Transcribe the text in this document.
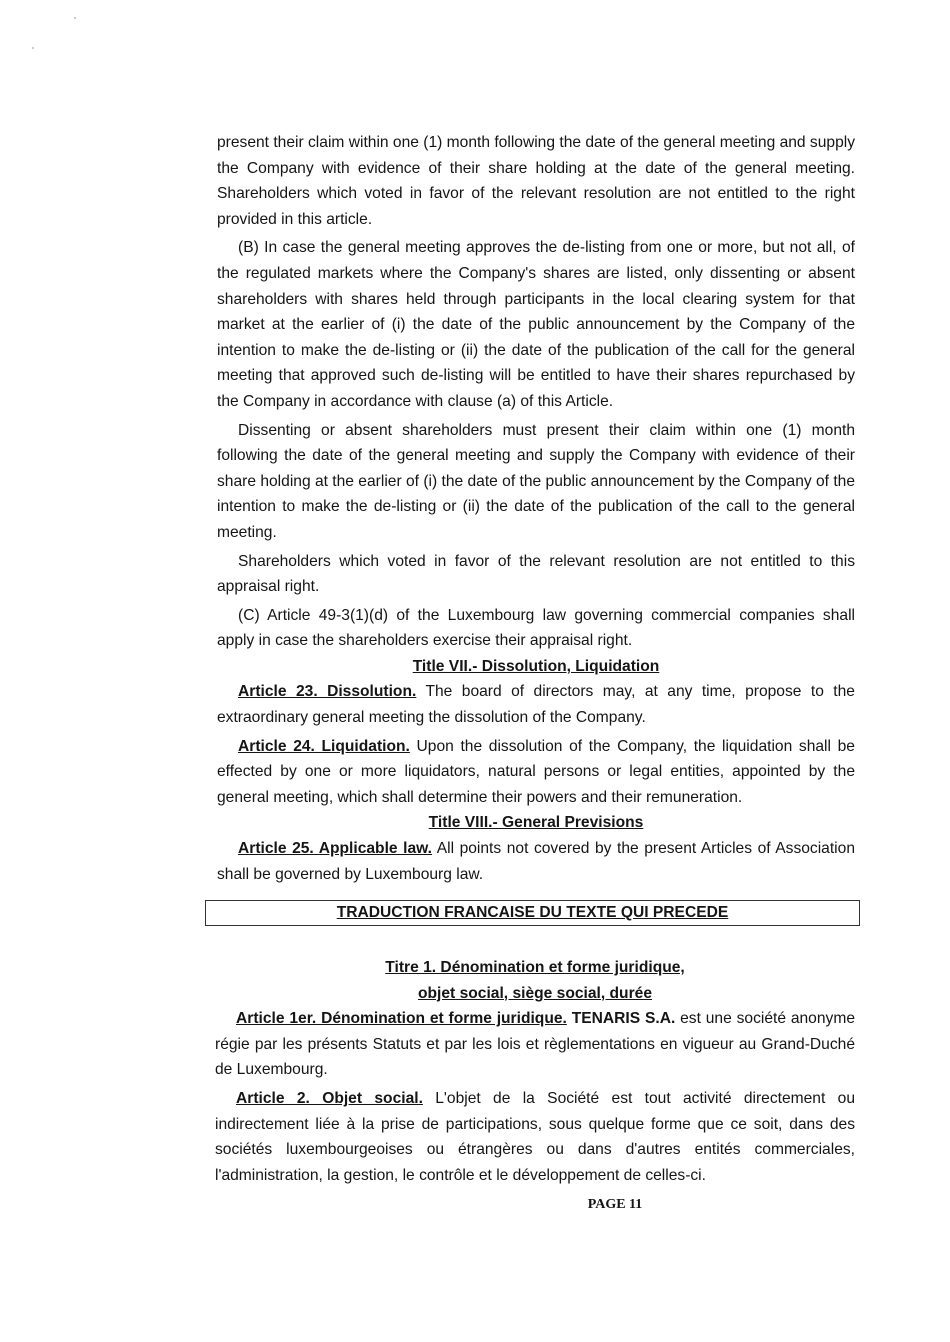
present their claim within one (1) month following the date of the general meeting and supply the Company with evidence of their share holding at the date of the general meeting. Shareholders which voted in favor of the relevant resolution are not entitled to the right provided in this article.

(B) In case the general meeting approves the de-listing from one or more, but not all, of the regulated markets where the Company's shares are listed, only dissenting or absent shareholders with shares held through participants in the local clearing system for that market at the earlier of (i) the date of the public announcement by the Company of the intention to make the de-listing or (ii) the date of the publication of the call for the general meeting that approved such de-listing will be entitled to have their shares repurchased by the Company in accordance with clause (a) of this Article.

Dissenting or absent shareholders must present their claim within one (1) month following the date of the general meeting and supply the Company with evidence of their share holding at the earlier of (i) the date of the public announcement by the Company of the intention to make the de-listing or (ii) the date of the publication of the call to the general meeting.

Shareholders which voted in favor of the relevant resolution are not entitled to this appraisal right.

(C) Article 49-3(1)(d) of the Luxembourg law governing commercial companies shall apply in case the shareholders exercise their appraisal right.

Title VII.- Dissolution, Liquidation

Article 23. Dissolution. The board of directors may, at any time, propose to the extraordinary general meeting the dissolution of the Company.

Article 24. Liquidation. Upon the dissolution of the Company, the liquidation shall be effected by one or more liquidators, natural persons or legal entities, appointed by the general meeting, which shall determine their powers and their remuneration.

Title VIII.- General Previsions

Article 25. Applicable law. All points not covered by the present Articles of Association shall be governed by Luxembourg law.

TRADUCTION FRANCAISE DU TEXTE QUI PRECEDE

Titre 1. Dénomination et forme juridique,

objet social, siège social, durée

Article 1er. Dénomination et forme juridique. TENARIS S.A. est une société anonyme régie par les présents Statuts et par les lois et règlementations en vigueur au Grand-Duché de Luxembourg.

Article 2. Objet social. L'objet de la Société est tout activité directement ou indirectement liée à la prise de participations, sous quelque forme que ce soit, dans des sociétés luxembourgeoises ou étrangères ou dans d'autres entités commerciales, l'administration, la gestion, le contrôle et le développement de celles-ci.

PAGE 11
